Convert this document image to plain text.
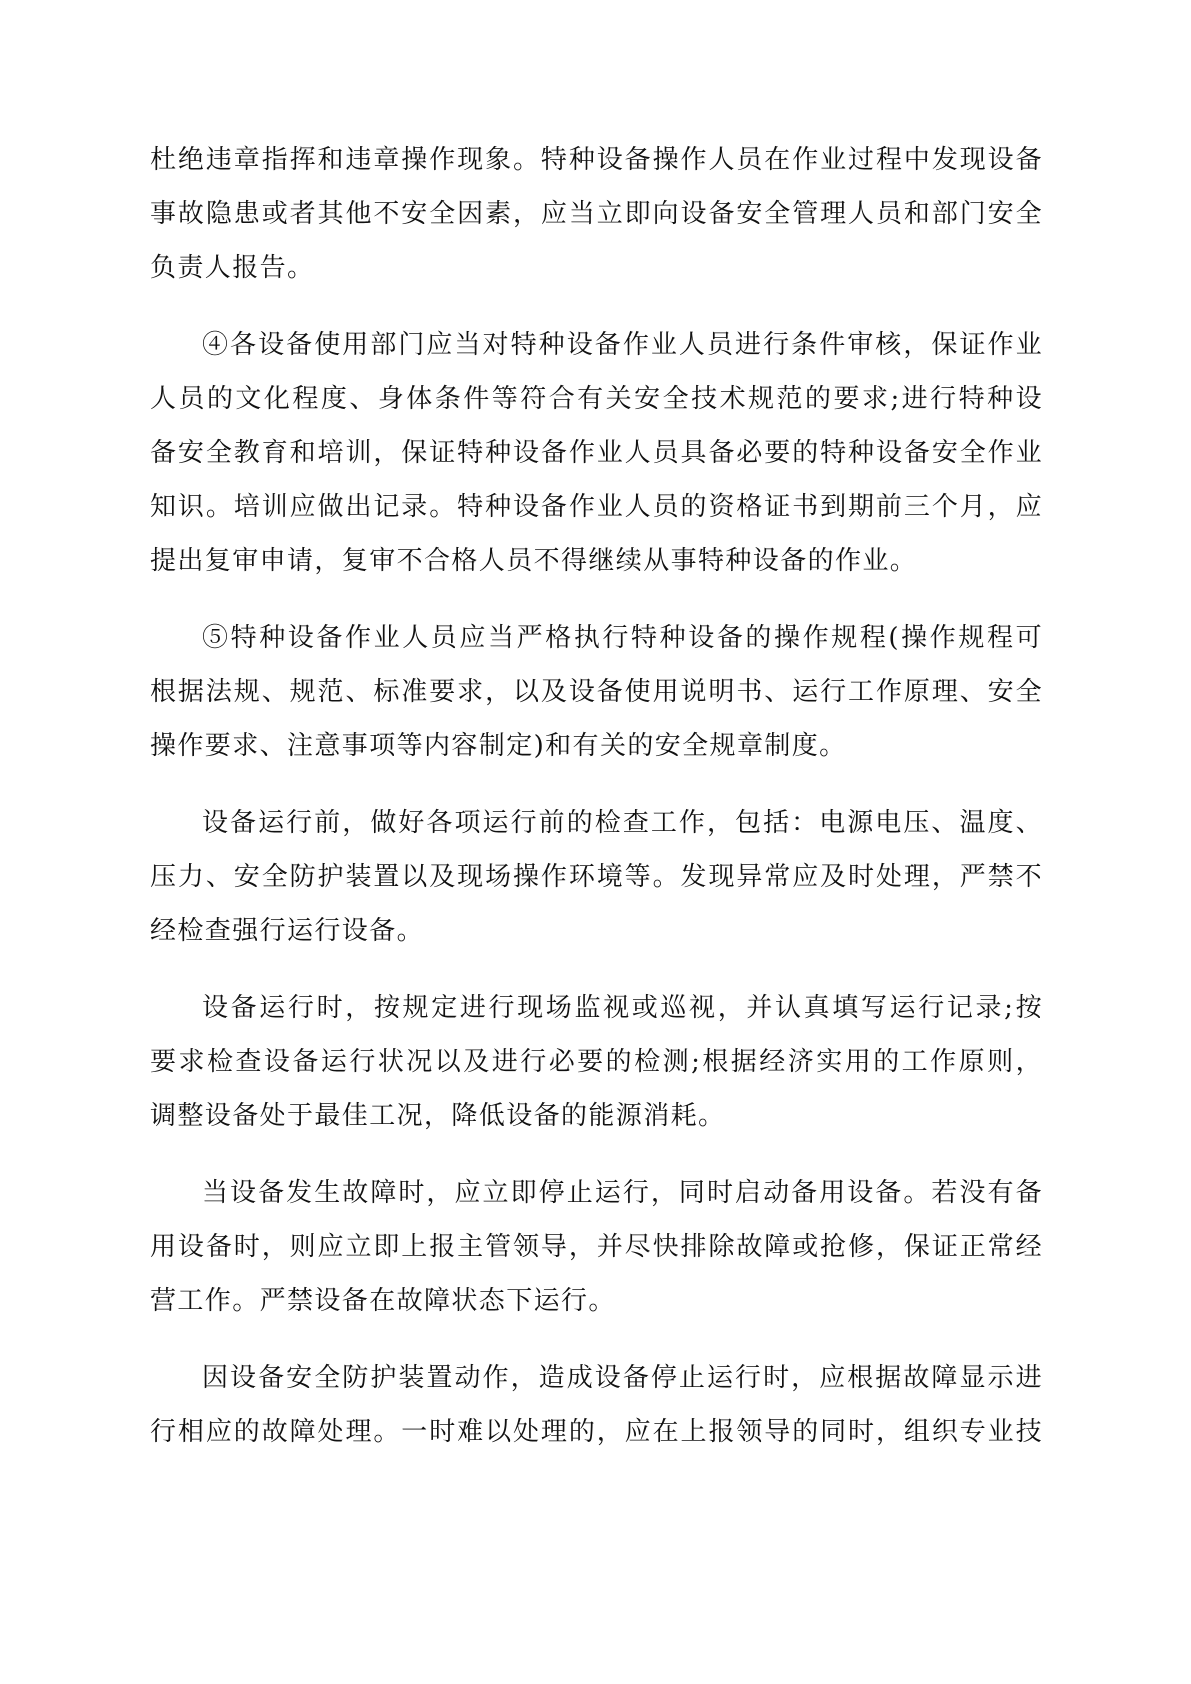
杜绝违章指挥和违章操作现象。特种设备操作人员在作业过程中发现设备
事故隐患或者其他不安全因素，应当立即向设备安全管理人员和部门安全
负责人报告。

④各设备使用部门应当对特种设备作业人员进行条件审核，保证作业
人员的文化程度、身体条件等符合有关安全技术规范的要求;进行特种设
备安全教育和培训，保证特种设备作业人员具备必要的特种设备安全作业
知识。培训应做出记录。特种设备作业人员的资格证书到期前三个月，应
提出复审申请，复审不合格人员不得继续从事特种设备的作业。

⑤特种设备作业人员应当严格执行特种设备的操作规程(操作规程可
根据法规、规范、标准要求，以及设备使用说明书、运行工作原理、安全
操作要求、注意事项等内容制定)和有关的安全规章制度。

设备运行前，做好各项运行前的检查工作，包括：电源电压、温度、
压力、安全防护装置以及现场操作环境等。发现异常应及时处理，严禁不
经检查强行运行设备。

设备运行时，按规定进行现场监视或巡视，并认真填写运行记录;按
要求检查设备运行状况以及进行必要的检测;根据经济实用的工作原则，
调整设备处于最佳工况，降低设备的能源消耗。

当设备发生故障时，应立即停止运行，同时启动备用设备。若没有备
用设备时，则应立即上报主管领导，并尽快排除故障或抢修，保证正常经
营工作。严禁设备在故障状态下运行。

因设备安全防护装置动作，造成设备停止运行时，应根据故障显示进
行相应的故障处理。一时难以处理的，应在上报领导的同时，组织专业技
